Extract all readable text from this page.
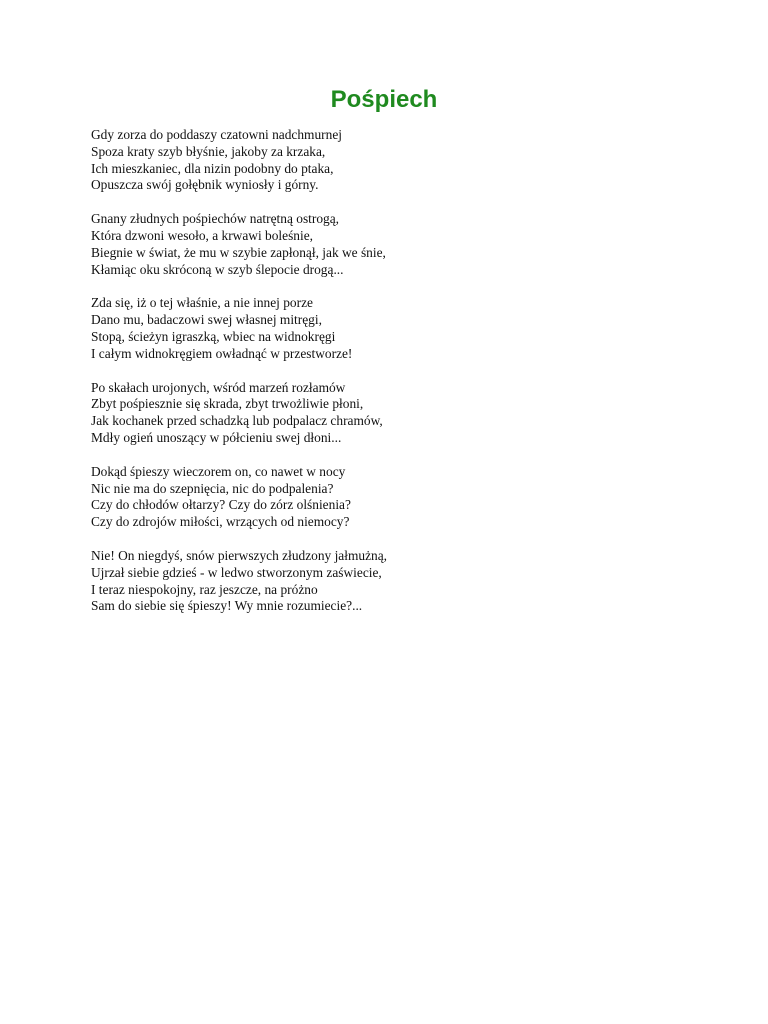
Pośpiech
Gdy zorza do poddaszy czatowni nadchmurnej
Spoza kraty szyb błyśnie, jakoby za krzaka,
Ich mieszkaniec, dla nizin podobny do ptaka,
Opuszcza swój gołębnik wyniosły i górny.
Gnany złudnych pośpiechów natrętną ostrogą,
Która dzwoni wesoło, a krwawi boleśnie,
Biegnie w świat, że mu w szybie zapłonął, jak we śnie,
Kłamiąc oku skróconą w szyb ślepocie drogą...
Zda się, iż o tej właśnie, a nie innej porze
Dano mu, badaczowi swej własnej mitręgi,
Stopą, ścieżyn igraszką, wbiec na widnokręgi
I całym widnokręgiem owładnąć w przestworze!
Po skałach urojonych, wśród marzeń rozłamów
Zbyt pośpiesznie się skrada, zbyt trwożliwie płoni,
Jak kochanek przed schadzką lub podpalacz chramów,
Mdły ogień unoszący w półcieniu swej dłoni...
Dokąd śpieszy wieczorem on, co nawet w nocy
Nic nie ma do szepnięcia, nic do podpalenia?
Czy do chłodów ołtarzy? Czy do zórz olśnienia?
Czy do zdrojów miłości, wrzących od niemocy?
Nie! On niegdyś, snów pierwszych złudzony jałmużną,
Ujrzał siebie gdzieś - w ledwo stworzonym zaświecie,
I teraz niespokojny, raz jeszcze, na próżno
Sam do siebie się śpieszy! Wy mnie rozumiecie?...
